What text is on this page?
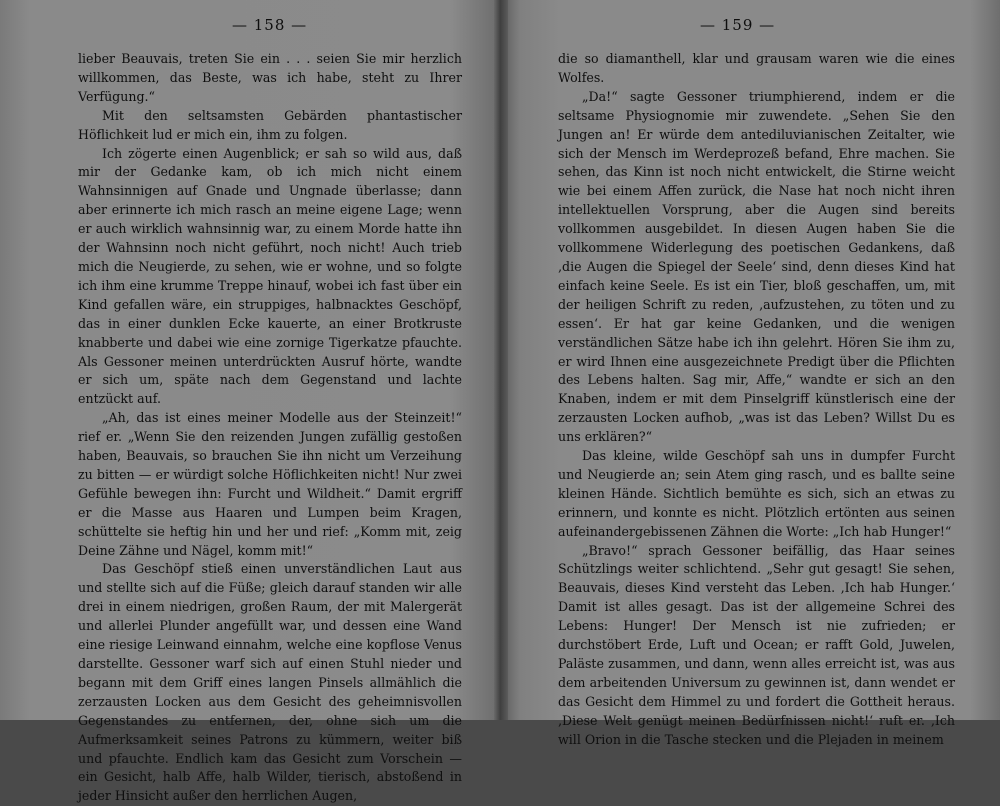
— 158 —

lieber Beauvais, treten Sie ein . . . seien Sie mir herzlich willkommen, das Beste, was ich habe, steht zu Ihrer Verfügung.“

Mit den seltsamsten Gebärden phantastischer Höflichkeit lud er mich ein, ihm zu folgen.

Ich zögerte einen Augenblick; er sah so wild aus, daß mir der Gedanke kam, ob ich mich nicht einem Wahnsinnigen auf Gnade und Ungnade überlasse; dann aber erinnerte ich mich rasch an meine eigene Lage; wenn er auch wirklich wahnsinnig war, zu einem Morde hatte ihn der Wahnsinn noch nicht geführt, noch nicht! Auch trieb mich die Neugierde, zu sehen, wie er wohne, und so folgte ich ihm eine krumme Treppe hinauf, wobei ich fast über ein Kind gefallen wäre, ein struppiges, halbnacktes Geschöpf, das in einer dunklen Ecke kauerte, an einer Brotkruste knabberte und dabei wie eine zornige Tigerkatze pfauchte. Als Gessoner meinen unterdrückten Ausruf hörte, wandte er sich um, späte nach dem Gegenstand und lachte entzückt auf.

„Ah, das ist eines meiner Modelle aus der Steinzeit!“ rief er. „Wenn Sie den reizenden Jungen zufällig gestoßen haben, Beauvais, so brauchen Sie ihn nicht um Verzeihung zu bitten — er würdigt solche Höflichkeiten nicht! Nur zwei Gefühle bewegen ihn: Furcht und Wildheit.“ Damit ergriff er die Masse aus Haaren und Lumpen beim Kragen, schüttelte sie heftig hin und her und rief: „Komm mit, zeig Deine Zähne und Nägel, komm mit!“

Das Geschöpf stieß einen unverständlichen Laut aus und stellte sich auf die Füße; gleich darauf standen wir alle drei in einem niedrigen, großen Raum, der mit Malergerät und allerlei Plunder angefüllt war, und dessen eine Wand eine riesige Leinwand einnahm, welche eine kopflose Venus darstellte. Gessoner warf sich auf einen Stuhl nieder und begann mit dem Griff eines langen Pinsels allmählich die zerzausten Locken aus dem Gesicht des geheimnisvollen Gegenstandes zu entfernen, der, ohne sich um die Aufmerksamkeit seines Patrons zu kümmern, weiter biß und pfauchte. Endlich kam das Gesicht zum Vorschein — ein Gesicht, halb Affe, halb Wilder, tierisch, abstoßend in jeder Hinsicht außer den herrlichen Augen,

— 159 —

die so diamanthell, klar und grausam waren wie die eines Wolfes.

„Da!“ sagte Gessoner triumphierend, indem er die seltsame Physiognomie mir zuwendete. „Sehen Sie den Jungen an! Er würde dem antediluvianischen Zeitalter, wie sich der Mensch im Werdeprozeß befand, Ehre machen. Sie sehen, das Kinn ist noch nicht entwickelt, die Stirne weicht wie bei einem Affen zurück, die Nase hat noch nicht ihren intellektuellen Vorsprung, aber die Augen sind bereits vollkommen ausgebildet. In diesen Augen haben Sie die vollkommene Widerlegung des poetischen Gedankens, daß ‚die Augen die Spiegel der Seele‘ sind, denn dieses Kind hat einfach keine Seele. Es ist ein Tier, bloß geschaffen, um, mit der heiligen Schrift zu reden, ‚aufzustehen, zu töten und zu essen‘. Er hat gar keine Gedanken, und die wenigen verständlichen Sätze habe ich ihn gelehrt. Hören Sie ihm zu, er wird Ihnen eine ausgezeichnete Predigt über die Pflichten des Lebens halten. Sag mir, Affe,“ wandte er sich an den Knaben, indem er mit dem Pinselgriff künstlerisch eine der zerzausten Locken aufhob, „was ist das Leben? Willst Du es uns erklären?“

Das kleine, wilde Geschöpf sah uns in dumpfer Furcht und Neugierde an; sein Atem ging rasch, und es ballte seine kleinen Hände. Sichtlich bemühte es sich, sich an etwas zu erinnern, und konnte es nicht. Plötzlich ertönten aus seinen aufeinandergebissenen Zähnen die Worte: „Ich hab Hunger!“

„Bravo!“ sprach Gessoner beifällig, das Haar seines Schützlings weiter schlichtend. „Sehr gut gesagt! Sie sehen, Beauvais, dieses Kind versteht das Leben. ‚Ich hab Hunger.‘ Damit ist alles gesagt. Das ist der allgemeine Schrei des Lebens: Hunger! Der Mensch ist nie zufrieden; er durchstöbert Erde, Luft und Ocean; er rafft Gold, Juwelen, Paläste zusammen, und dann, wenn alles erreicht ist, was aus dem arbeitenden Universum zu gewinnen ist, dann wendet er das Gesicht dem Himmel zu und fordert die Gottheit heraus. ‚Diese Welt genügt meinen Bedürfnissen nicht!‘ ruft er. ‚Ich will Orion in die Tasche stecken und die Plejaden in meinem
